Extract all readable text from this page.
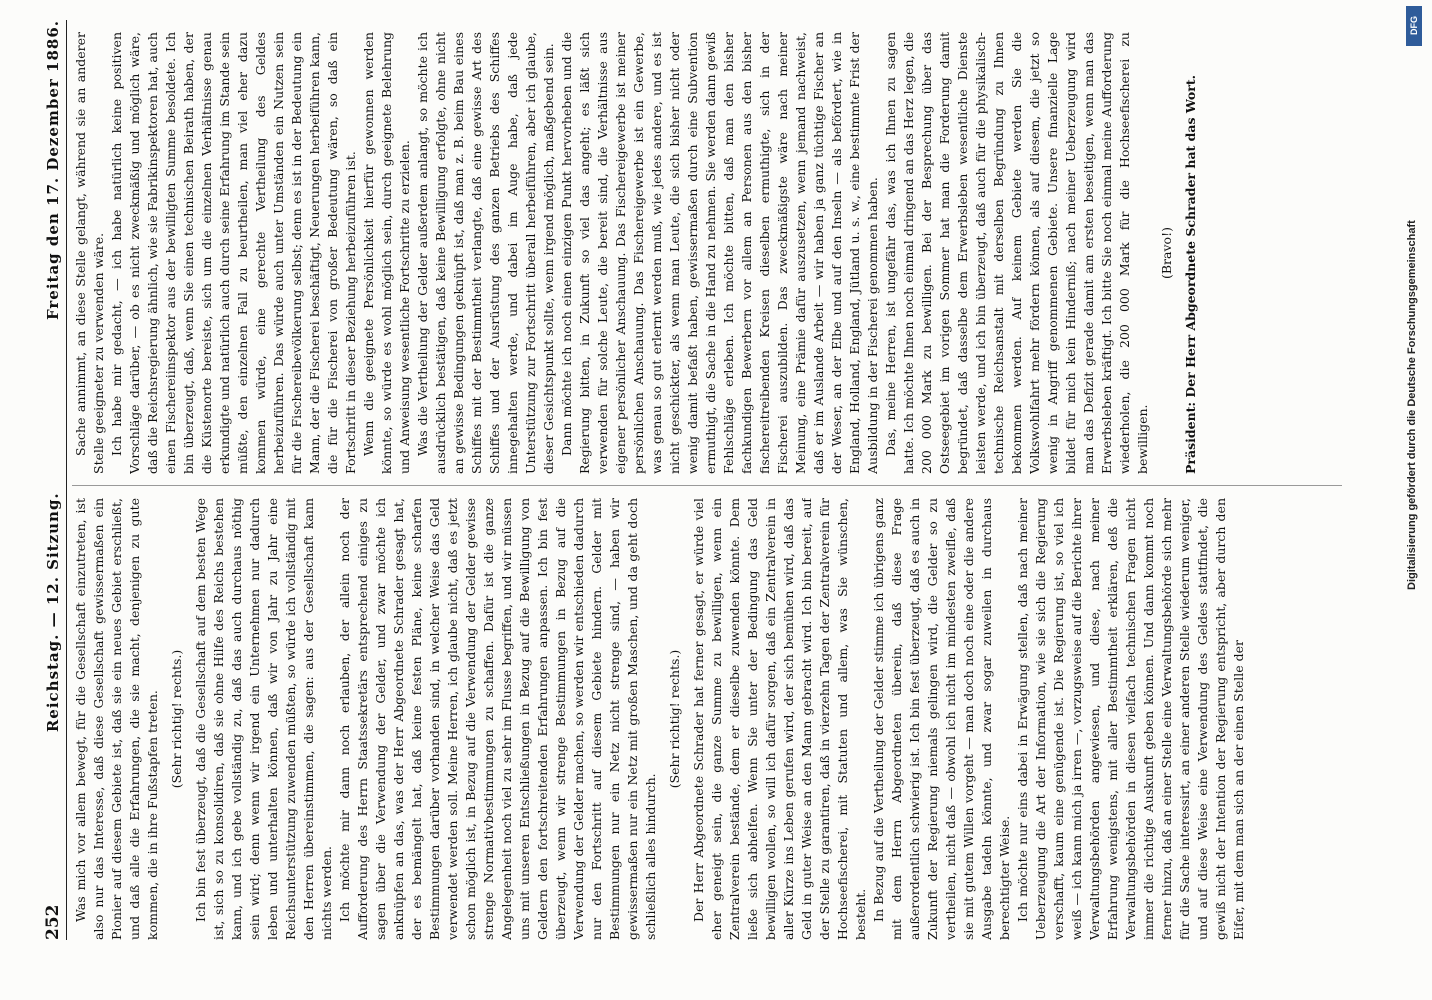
252
Reichstag. — 12. Sitzung.
Freitag den 17. Dezember 1886.

Was mich vor allem bewegt, für die Gesellschaft einzutreten, ist also nur das Interesse, daß diese Gesellschaft gewissermaßen ein Pionier auf diesem Gebiete ist, daß sie ein neues Gebiet erschließt, und daß alle die Erfahrungen, die sie macht, denjenigen zu gute kommen, die in ihre Fußstapfen treten. (Sehr richtig! rechts.) Ich bin fest überzeugt, daß die Gesellschaft auf dem besten Wege ist, sich so zu konsolidiren, daß sie ohne Hilfe des Reichs bestehen kann, und ich gebe vollständig zu, daß das auch durchaus nöthig sein wird; denn wenn wir irgend ein Unternehmen nur dadurch leben und unterhalten können, daß wir von Jahr zu Jahr eine Reichsunterstützung zuwenden müßten, so würde ich vollständig mit den Herren übereinstimmen, die sagen: aus der Gesellschaft kann nichts werden. Ich möchte mir dann noch erlauben, der allein noch der Aufforderung des Herrn Staatssekretärs entsprechend einiges zu sagen über die Verwendung der Gelder, und zwar möchte ich anknüpfen an das, was der Herr Abgeordnete Schrader gesagt hat, der es bemängelt hat, daß keine festen Pläne, keine scharfen Bestimmungen darüber vorhanden sind, in welcher Weise das Geld verwendet werden soll. Meine Herren, ich glaube nicht, daß es jetzt schon möglich ist, in Bezug auf die Verwendung der Gelder gewisse strenge Normativbestimmungen zu schaffen. Dafür ist die ganze Angelegenheit noch viel zu sehr im Flusse begriffen, und wir müssen uns mit unseren Entschließungen in Bezug auf die Bewilligung von Geldern den fortschreitenden Erfahrungen anpassen. Ich bin fest überzeugt, wenn wir strenge Bestimmungen in Bezug auf die Verwendung der Gelder machen, so werden wir entschieden dadurch nur den Fortschritt auf diesem Gebiete hindern. Gelder mit Bestimmungen nur ein Netz nicht strenge sind, — haben wir gewissermaßen nur ein Netz mit großen Maschen, und da geht doch schließlich alles hindurch.

(Sehr richtig! rechts.) Der Herr Abgeordnete Schrader hat ferner gesagt, er würde viel eher geneigt sein, die ganze Summe zu bewilligen, wenn ein Zentralverein bestände, dem er dieselbe zuwenden könnte. Dem ließe sich abhelfen. Wenn Sie unter der Bedingung das Geld bewilligen wollen, so will ich dafür sorgen, daß ein Zentralverein in aller Kürze ins Leben gerufen wird, der sich bemühen wird, daß das Geld in guter Weise an den Mann gebracht wird. Ich bin bereit, auf der Stelle zu garantiren, daß in vierzehn Tagen der Zentralverein für Hochseefischerei, mit Statuten und allem, was Sie wünschen, besteht. In Bezug auf die Vertheilung der Gelder stimme ich übrigens ganz mit dem Herrn Abgeordneten überein, daß diese Frage außerordentlich schwierig ist. Ich bin fest überzeugt, daß es auch in Zukunft der Regierung niemals gelingen wird, die Gelder so zu vertheilen, nicht daß — obwohl ich nicht im mindesten zweifle, daß sie mit gutem Willen vorgeht — man doch noch eine oder die andere Ausgabe tadeln könnte, und zwar sogar zuweilen in durchaus berechtigter Weise. Ich möchte nur eins dabei in Erwägung stellen, daß nach meiner Ueberzeugung die Art der Information, wie sie sich die Regierung verschafft, kaum eine genügende ist. Die Regierung ist, so viel ich weiß — ich kann mich ja irren —, vorzugsweise auf die Berichte ihrer Verwaltungsbehörden angewiesen, und diese, nach meiner Erfahrung wenigstens, mit aller Bestimmtheit erklären, deß die Verwaltungsbehörden in diesen vielfach technischen Fragen nicht immer die richtige Auskunft geben können. Und dann kommt noch ferner hinzu, daß an einer Stelle eine Verwaltungsbehörde sich mehr für die Sache interessirt, an einer anderen Stelle wiederum weniger, und auf diese Weise eine Verwendung des Geldes stattfindet, die gewiß nicht der Intention der Regierung entspricht, aber durch den Eifer, mit dem man sich an der einen Stelle der

Sache annimmt, an diese Stelle gelangt, während sie an anderer Stelle geeigneter zu verwenden wäre. Ich habe mir gedacht, — ich habe natürlich keine positiven Vorschläge darüber, — ob es nicht zweckmäßig und möglich wäre, daß die Reichsregierung ähnlich, wie sie Fabrikinspektoren hat, auch einen Fischereiinspektor aus der bewilligten Summe besoldete. Ich bin überzeugt, daß, wenn Sie einen technischen Beirath haben, der die Küstenorte bereiste, sich um die einzelnen Verhältnisse genau erkundigte und natürlich auch durch seine Erfahrung im Stande sein müßte, den einzelnen Fall zu beurtheilen, man viel eher dazu kommen würde, eine gerechte Vertheilung des Geldes herbeizuführen. Das würde auch unter Umständen ein Nutzen sein für die Fischereibevölkerung selbst; denn es ist in der Bedeutung ein Mann, der die Fischerei beschäftigt, Neuerungen herbeiführen kann, die für die Fischerei von großer Bedeutung wären, so daß ein Fortschritt in dieser Beziehung herbeizuführen ist. Wenn die geeignete Persönlichkeit hierfür gewonnen werden könnte, so würde es wohl möglich sein, durch geeignete Belehrung und Anweisung wesentliche Fortschritte zu erzielen. Was die Vertheilung der Gelder außerdem anlangt, so möchte ich ausdrücklich bestätigen, daß keine Bewilligung erfolgte, ohne nicht an gewisse Bedingungen geknüpft ist, daß man z. B. beim Bau eines Schiffes mit der Bestimmtheit verlangte, daß eine gewisse Art des Schiffes und der Ausrüstung des ganzen Betriebs des Schiffes innegehalten werde, und dabei im Auge habe, daß jede Unterstützung zur Fortschritt überall herbeiführen, aber ich glaube, dieser Gesichtspunkt sollte, wenn irgend möglich, maßgebend sein. Dann möchte ich noch einen einzigen Punkt hervorheben und die Regierung bitten, in Zukunft so viel das angeht; es läßt sich verwenden für solche Leute, die bereit sind, die Verhältnisse aus eigener persönlicher Anschauung. Das Fischereigewerbe ist meiner persönlichen Anschauung. Das Fischereigewerbe ist ein Gewerbe, was genau so gut erlernt werden muß, wie jedes andere, und es ist nicht geschickter, als wenn man Leute, die sich bisher nicht oder wenig damit befaßt haben, gewissermaßen durch eine Subvention ermuthigt, die Sache in die Hand zu nehmen. Sie werden dann gewiß Fehlschläge erleben. Ich möchte bitten, daß man den bisher fachkundigen Bewerbern vor allem an Personen aus den bisher fischereitreibenden Kreisen dieselben ermuthigte, sich in der Fischerei auszubilden. Das zweckmäßigste wäre nach meiner Meinung, eine Prämie dafür auszusetzen, wenn jemand nachweist, daß er im Auslande Arbeit — wir haben ja ganz tüchtige Fischer an der Weser, an der Elbe und auf den Inseln — als befördert, wie in England, Holland, England, Jütland u. s. w., eine bestimmte Frist der Ausbildung in der Fischerei genommen haben. Das, meine Herren, ist ungefähr das, was ich Ihnen zu sagen hatte. Ich möchte Ihnen noch einmal dringend an das Herz legen, die 200 000 Mark zu bewilligen. Bei der Besprechung über das Ostseegebiet im vorigen Sommer hat man die Forderung damit begründet, daß dasselbe dem Erwerbsleben wesentliche Dienste leisten werde, und ich bin überzeugt, daß auch für die physikalisch-technische Reichsanstalt mit derselben Begründung zu Ihnen bekommen werden. Auf keinem Gebiete werden Sie die Volkswohlfahrt mehr fördern können, als auf diesem, die jetzt so wenig in Angriff genommenen Gebiete. Unsere finanzielle Lage bildet für mich kein Hinderniß; nach meiner Ueberzeugung wird man das Defizit gerade damit am ersten beseitigen, wenn man das Erwerbsleben kräftigt. Ich bitte Sie noch einmal meine Aufforderung wiederholen, die 200 000 Mark für die Hochseefischerei zu bewilligen.

(Bravo!) Präsident: Der Herr Abgeordnete Schrader hat das Wort.
DFG
Digitalisierung gefördert durch die Deutsche Forschungsgemeinschaft
